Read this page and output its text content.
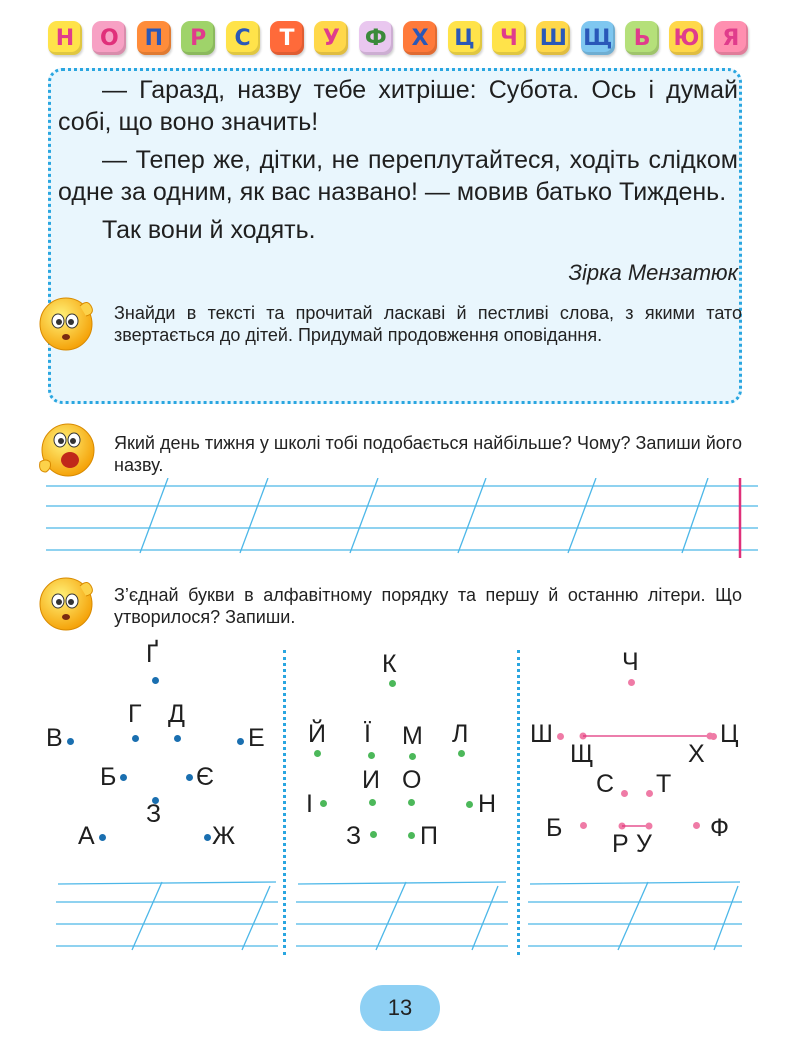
Н	О	П	Р	С	Т	У	Ф	Х	Ц	Ч Ш Щ Ь	Ю	Я

— Гаразд, назву тебе хитріше: Субота. Ось і думай собі, що воно значить!

— Тепер же, дітки, не переплутайтеся, ходіть слідком одне за одним, як вас названо! — мовив батько Тиждень.

Так вони й ходять.

Зірка Мензатюк
Знайди в тексті та прочитай ласкаві й пестливі слова, з якими тато звертається до дітей. Придумай продовження оповідання.
Який день тижня у школі тобі подобається найбільше? Чому? Запиши його назву.
З’єднай букви в алфавітному порядку та першу й останню літери. Що утворилося? Запиши.
Ґ
Г Д
В	Е
Б	Є
З
А	Ж
К
Й Ї М Л
І
И О
Н
З П
Ч
Ш
Щ	Х
Ц
С Т
Б
Р У
Ф
13
